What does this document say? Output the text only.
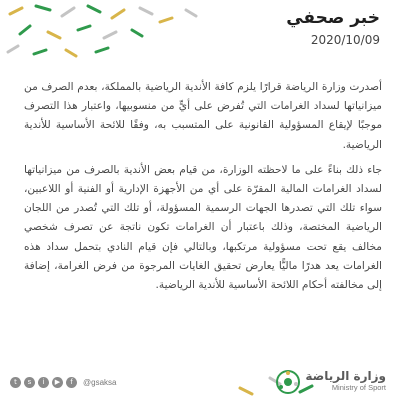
خبر صحفي
2020/10/09

أصدرت وزارة الرياضة قرارًا يلزم كافة الأندية الرياضية بالمملكة، بعدم الصرف من ميزانياتها لسداد الغرامات التي تُفرض على أيٍّ من منسوبيها، واعتبار هذا التصرف موجبًا لإيقاع المسؤولية القانونية على المتسبب به، وفقًا للائحة الأساسية للأندية الرياضية.

جاء ذلك بناءً على ما لاحظته الوزارة، من قيام بعض الأندية بالصرف من ميزانياتها لسداد الغرامات المالية المقرّة على أي من الأجهزة الإدارية أو الفنية أو اللاعبين، سواء تلك التي تصدرها الجهات الرسمية المسؤولة، أو تلك التي تُصدر من اللجان الرياضية المختصة، وذلك باعتبار أن الغرامات تكون ناتجة عن تصرف شخصي مخالف يقع تحت مسؤولية مرتكبها، وبالتالي فإن قيام النادي بتحمل سداد هذه الغرامات يعد هدرًا ماليًّا يعارض تحقيق الغايات المرجوة من فرض الغرامة، إضافة إلى مخالفته أحكام اللائحة الأساسية للأندية الرياضية.

t	s	i	▶	f	@gsaksa	وزارة الرياضة
Ministry of Sport
